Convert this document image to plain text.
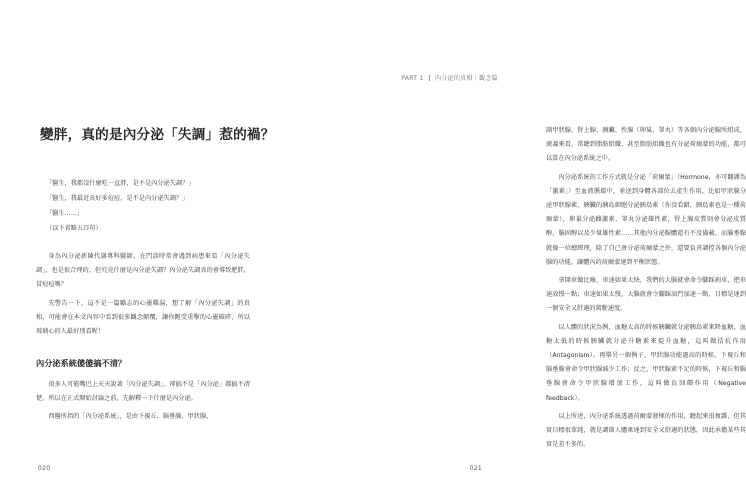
變胖，真的是內分泌「失調」惹的禍？

「醫生，我都沒什麼吃一直胖，是不是內分泌失調？」

「醫生，我最近長好多痘痘，是不是內分泌失調？」

「醫生……」

（以下省略五百句）

身為內分泌新陳代謝專科醫師，在門診時常會遇到病患來看「內分泌失調」，也是很合理的，但究竟什麼是內分泌失調？內分泌失調真的會導致肥胖，冒痘痘嗎？

先警告一下，這不是一篇勵志的心靈雞湯，想了解「內分泌失調」的真相，可能會在本文內容中看到很多觀念顛覆，讓你飽受重擊的心靈破碎，所以玻璃心的人最好別看喔！

內分泌系統傻傻搞不清？

很多人可能嘴巴上天天說著「內分泌失調」，卻搞不是「內分泌」都搞不清楚，所以在正式開始討論之前，先解釋一下什麼是內分泌。

西醫所指的「內分泌系統」，是由下視丘、腦垂腺、甲狀腺、

020
PART 1 內分泌的真相｜觀念篇

副甲狀腺、腎上腺、胰臟、性腺（卵巢、睪丸）等各個內分泌腺所組成，廣義來看，常聽到脂肪組織、甚至脂肪組織也有分泌荷爾蒙的功能，都可以算在內分泌系統之中。

內分泌系統的工作方式就是分泌「荷爾蒙」（Hormone，亦可翻譯為「激素」）至血液循環中，並送到身體各部位去產生作用。比如甲狀腺分泌甲狀腺素、胰臟的胰島細胞分泌胰島素（你沒看錯，胰島素也是一種荷爾蒙），卵巢分泌雌激素，睪丸分泌雄性素，腎上腺皮質則會分泌皮質醇，腦固醇以及少量雄性素……其他內分泌腺體還有不及備載。而腦垂腺就像一位總經理，除了自己會分泌荷爾蒙之外，還要負責調控各個內分泌腺的功能，讓體內的荷爾蒙達到平衡狀態。

拿開車做比喻，車速如果太快，我們的大腦就會命令腳踩刹車，把車速放慢一點；車速如果太慢，大腦就會令腳踩油門加速一點，目標是達到一個安全又舒適的駕駛速度。

以人體的狀況為例，血糖太高的時候胰臟就分泌胰島素來降血糖，血糖太低的時候胰臟就分泌升糖素來提升血糖，這叫做拮抗作用（Antagonism）。再舉另一個例子，甲狀腺功能過高的時候，下視丘和腦垂腺會命令甲狀腺減少工作；反之，甲狀腺素不足的時候，下視丘和腦垂腺會命令甲狀腺增加工作，這叫做負回饋作用（Negative feedback）。

以上所述，內分泌系統透過荷爾蒙發揮的作用，聽起來很複雜，但其實目標很單純，就是調節人體來達到安全又舒適的狀態，因此承擔某些其實是差不多的。

021
